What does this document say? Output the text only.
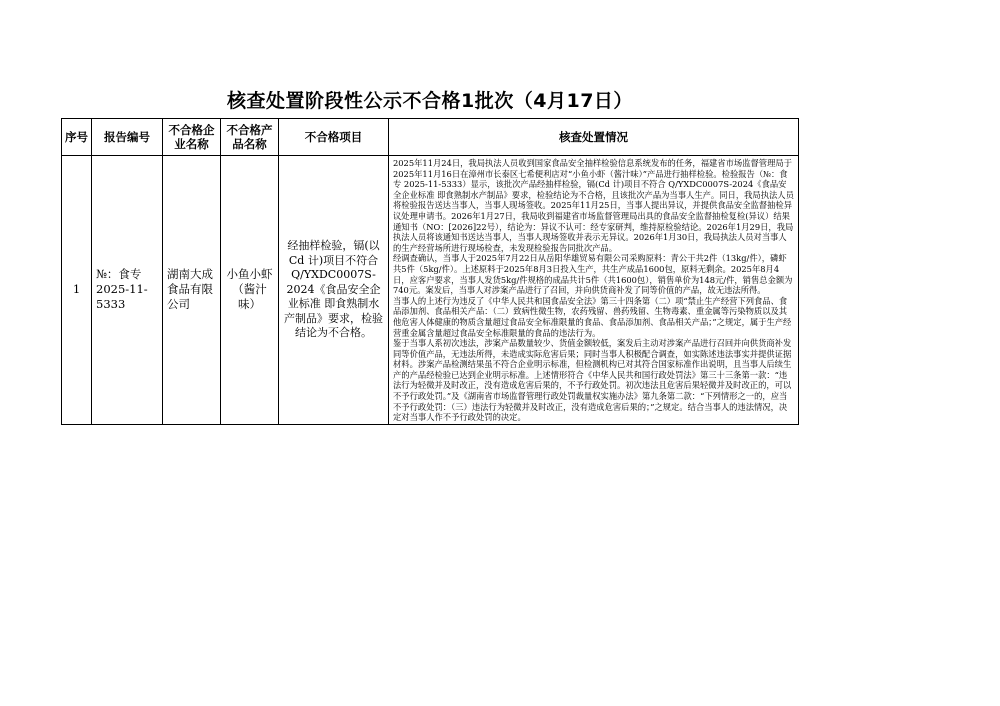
核查处置阶段性公示不合格1批次（4月17日）
序号	报告编号	不合格企业名称	不合格产品名称	不合格项目	核查处置情况
1	№：食专2025-11-5333	湖南大成食品有限公司	小鱼小虾（酱汁味）	经抽样检验，镉(以 Cd 计)项目不符合Q/YXDC0007S-2024《食品安全企业标准 即食熟制水产制品》要求，检验结论为不合格。	2025年11月24日，我局执法人员收到国家食品安全抽样检验信息系统发布的任务，福建省市场监督管理局于2025年11月16日在漳州市长泰区七希便利店对“小鱼小虾（酱汁味）”产品进行抽样检验。检验报告（№：食专 2025-11-5333）显示，该批次产品经抽样检验，镉(Cd 计)项目不符合 Q/YXDC0007S-2024《食品安全企业标准 即食熟制水产制品》要求，检验结论为不合格，且该批次产品为当事人生产。同日，我局执法人员将检验报告送达当事人，当事人现场签收。2025年11月25日，当事人提出异议，并提供食品安全监督抽检异议处理申请书。2026年1月27日，我局收到福建省市场监督管理局出具的食品安全监督抽检复检(异议）结果通知书（NO：[2026]22号），结论为：异议不认可：经专家研判，维持原检验结论。2026年1月29日，我局执法人员将该通知书送达当事人，当事人现场签收并表示无异议。2026年1月30日，我局执法人员对当事人的生产经营场所进行现场检查，未发现检验报告同批次产品。

经调查确认，当事人于2025年7月22日从岳阳华雄贸易有限公司采购原料：青公干共2件（13kg/件），磷虾共5件（5kg/件）。上述原料于2025年8月3日投入生产，共生产成品1600包，原料无剩余。2025年8月4日，应客户要求，当事人发货5kg/件规格的成品共计5件（共1600包），销售单价为148元/件，销售总金额为740元。案发后，当事人对涉案产品进行了召回，并向供货商补发了同等价值的产品，故无违法所得。

当事人的上述行为违反了《中华人民共和国食品安全法》第三十四条第（二）项“禁止生产经营下列食品、食品添加剂、食品相关产品：（二）致病性微生物，农药残留、兽药残留、生物毒素、重金属等污染物质以及其他危害人体健康的物质含量超过食品安全标准限量的食品、食品添加剂、食品相关产品；”之规定，属于生产经营重金属含量超过食品安全标准限量的食品的违法行为。

鉴于当事人系初次违法，涉案产品数量较少、货值金额较低，案发后主动对涉案产品进行召回并向供货商补发同等价值产品，无违法所得，未造成实际危害后果；同时当事人积极配合调查，如实陈述违法事实并提供证据材料。涉案产品检测结果虽不符合企业明示标准，但检测机构已对其符合国家标准作出说明，且当事人后续生产的产品经检验已达到企业明示标准。上述情形符合《中华人民共和国行政处罚法》第三十三条第一款：“违法行为轻微并及时改正，没有造成危害后果的，不予行政处罚。初次违法且危害后果轻微并及时改正的，可以不予行政处罚。”及《湖南省市场监督管理行政处罚裁量权实施办法》第九条第二款：“下列情形之一的，应当不予行政处罚：（三）违法行为轻微并及时改正，没有造成危害后果的；”之规定。结合当事人的违法情况，决定对当事人作不予行政处罚的决定。
